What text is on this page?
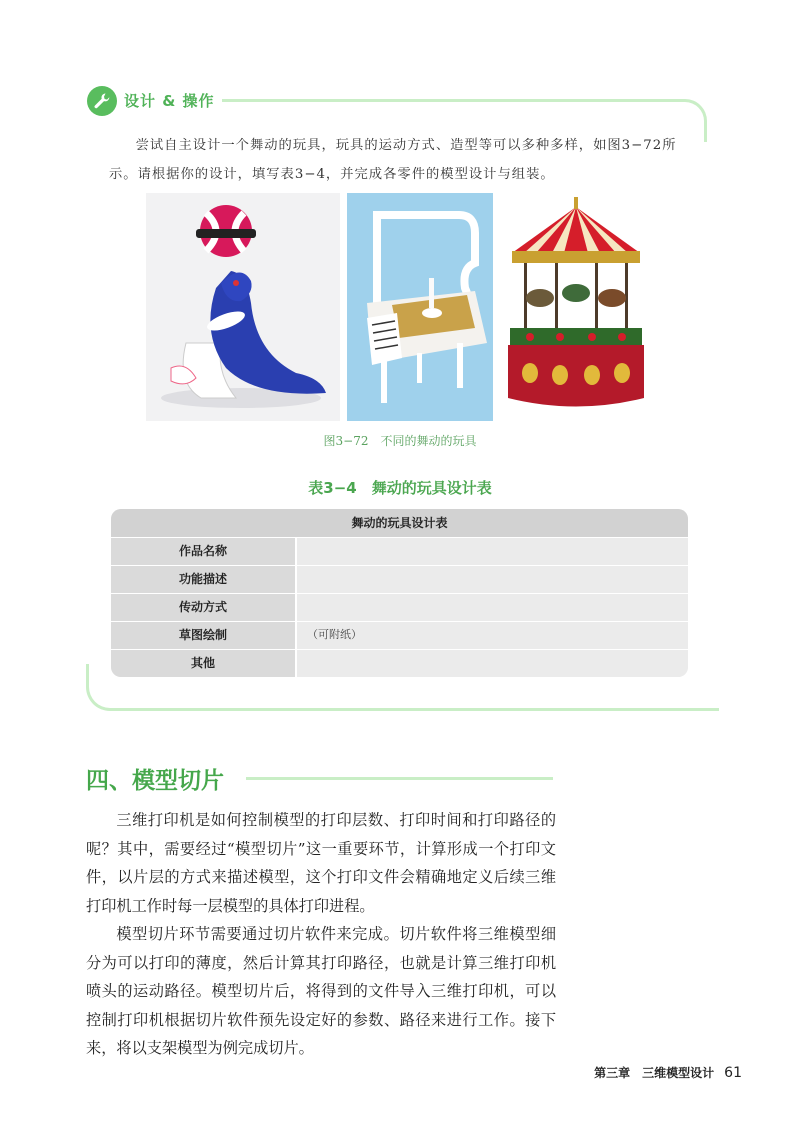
设计 & 操作
尝试自主设计一个舞动的玩具，玩具的运动方式、造型等可以多种多样，如图3−72所示。请根据你的设计，填写表3−4，并完成各零件的模型设计与组装。
图3−72　不同的舞动的玩具
表3−4　舞动的玩具设计表
舞动的玩具设计表
作品名称
功能描述
传动方式
草图绘制	（可附纸）
其他
四、模型切片
三维打印机是如何控制模型的打印层数、打印时间和打印路径的呢？其中，需要经过“模型切片”这一重要环节，计算形成一个打印文件，以片层的方式来描述模型，这个打印文件会精确地定义后续三维打印机工作时每一层模型的具体打印进程。
模型切片环节需要通过切片软件来完成。切片软件将三维模型细分为可以打印的薄度，然后计算其打印路径，也就是计算三维打印机喷头的运动路径。模型切片后，将得到的文件导入三维打印机，可以控制打印机根据切片软件预先设定好的参数、路径来进行工作。接下来，将以支架模型为例完成切片。
第三章　三维模型设计 61
